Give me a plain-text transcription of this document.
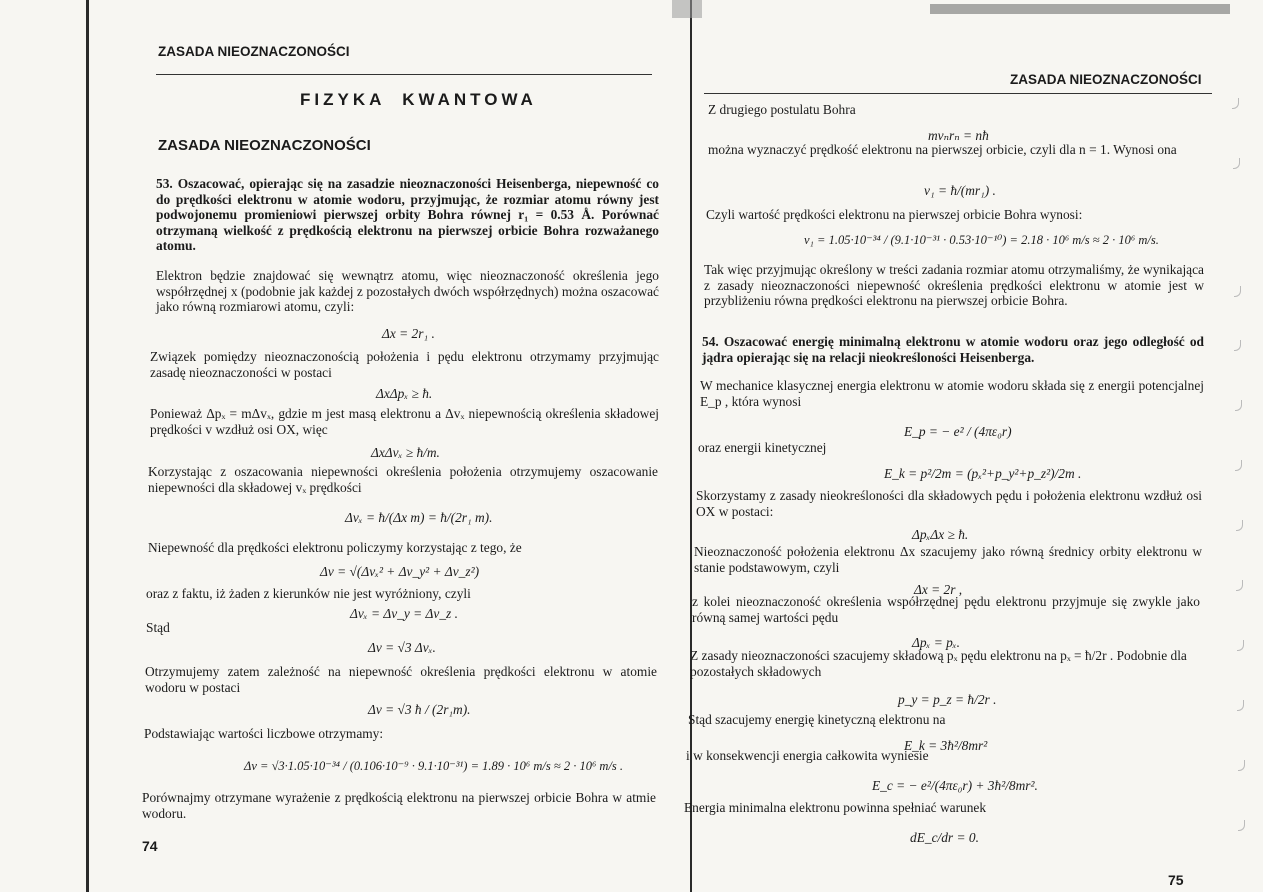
ZASADA NIEOZNACZONOŚCI

FIZYKA  KWANTOWA

ZASADA NIEOZNACZONOŚCI

53. Oszacować, opierając się na zasadzie nieoznaczoności Heisenberga, niepewność co do prędkości elektronu w atomie wodoru, przyjmując, że rozmiar atomu równy jest podwojonemu promieniowi pierwszej orbity Bohra równej r₁ = 0.53 Å. Porównać otrzymaną wielkość z prędkością elektronu na pierwszej orbicie Bohra rozważanego atomu.

Elektron będzie znajdować się wewnątrz atomu, więc nieoznaczoność określenia jego współrzędnej x (podobnie jak każdej z pozostałych dwóch współrzędnych) można oszacować jako równą rozmiarowi atomu, czyli:

Δx = 2r₁ .

Związek pomiędzy nieoznaczonością położenia i pędu elektronu otrzymamy przyjmując zasadę nieoznaczoności w postaci

ΔxΔpₓ ≥ ħ.

Ponieważ Δpₓ = mΔvₓ, gdzie m jest masą elektronu a Δvₓ niepewnością określenia składowej prędkości v wzdłuż osi OX, więc

ΔxΔvₓ ≥ ħ/m.

Korzystając z oszacowania niepewności określenia położenia otrzymujemy oszacowanie niepewności dla składowej vₓ prędkości

Δvₓ = ħ/(Δx m) = ħ/(2r₁ m).

Niepewność dla prędkości elektronu policzymy korzystając z tego, że

Δv = √(Δvₓ² + Δv_y² + Δv_z²)

oraz z faktu, iż żaden z kierunków nie jest wyróżniony, czyli

Δvₓ = Δv_y = Δv_z .

Stąd

Δv = √3 Δvₓ.

Otrzymujemy zatem zależność na niepewność określenia prędkości elektronu w atomie wodoru w postaci

Δv = √3 ħ / (2r₁m).

Podstawiając wartości liczbowe otrzymamy:

Δv = √3·1.05·10⁻³⁴ / (0.106·10⁻⁹ · 9.1·10⁻³¹) = 1.89 · 10⁶ m/s ≈ 2 · 10⁶ m/s .

Porównajmy otrzymane wyrażenie z prędkością elektronu na pierwszej orbicie Bohra w atmie wodoru.

74

ZASADA NIEOZNACZONOŚCI

Z drugiego postulatu Bohra

mvₙrₙ = nħ

można wyznaczyć prędkość elektronu na pierwszej orbicie, czyli dla n = 1. Wynosi ona

v₁ = ħ/(mr₁) .

Czyli wartość prędkości elektronu na pierwszej orbicie Bohra wynosi:

v₁ = 1.05·10⁻³⁴ / (9.1·10⁻³¹ · 0.53·10⁻¹⁰) = 2.18 · 10⁶ m/s ≈ 2 · 10⁶ m/s.

Tak więc przyjmując określony w treści zadania rozmiar atomu otrzymaliśmy, że wynikająca z zasady nieoznaczoności niepewność określenia prędkości elektronu w atomie jest w przybliżeniu równa prędkości elektronu na pierwszej orbicie Bohra.

54. Oszacować energię minimalną elektronu w atomie wodoru oraz jego odległość od jądra opierając się na relacji nieokreśloności Heisenberga.

W mechanice klasycznej energia elektronu w atomie wodoru składa się z energii potencjalnej E_p , która wynosi

E_p = − e² / (4πε₀r)

oraz energii kinetycznej

E_k = p²/2m = (pₓ²+p_y²+p_z²)/2m .

Skorzystamy z zasady nieokreśloności dla składowych pędu i położenia elektronu wzdłuż osi OX w postaci:

ΔpₓΔx ≥ ħ.

Nieoznaczoność położenia elektronu Δx szacujemy jako równą średnicy orbity elektronu w stanie podstawowym, czyli

Δx = 2r ,

z kolei nieoznaczoność określenia współrzędnej pędu elektronu przyjmuje się zwykle jako równą samej wartości pędu

Δpₓ = pₓ.

Z zasady nieoznaczoności szacujemy składową pₓ pędu elektronu na pₓ = ħ/2r . Podobnie dla pozostałych składowych

p_y = p_z = ħ/2r .

Stąd szacujemy energię kinetyczną elektronu na

E_k = 3ħ²/8mr²

i w konsekwencji energia całkowita wyniesie

E_c = − e²/(4πε₀r) + 3ħ²/8mr².

Energia minimalna elektronu powinna spełniać warunek

dE_c/dr = 0.

75
